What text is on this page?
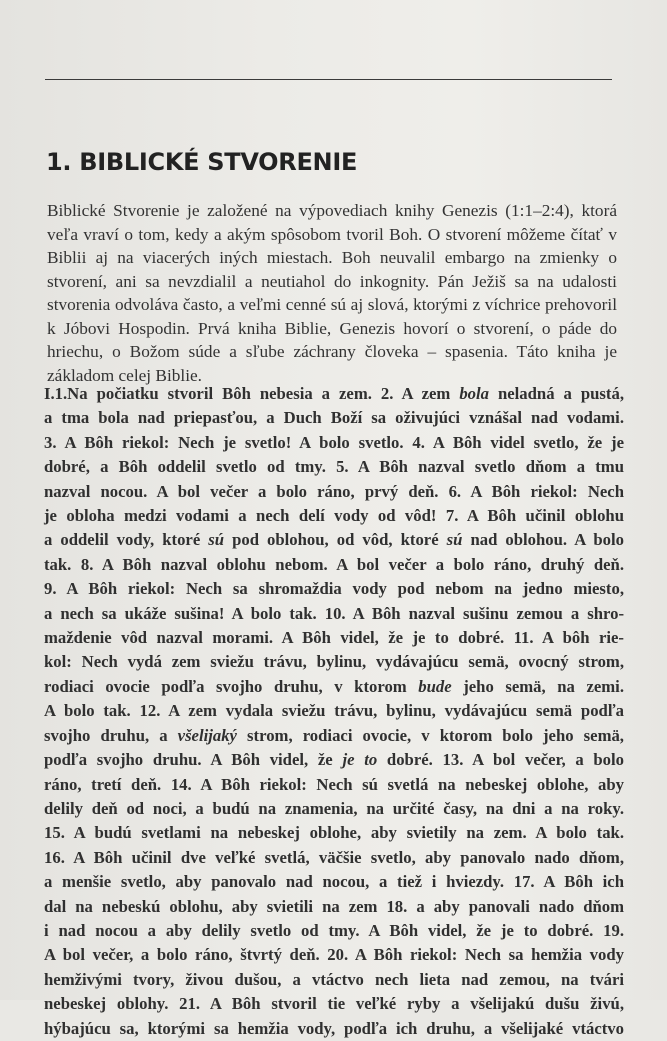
1. BIBLICKÉ STVORENIE
Biblické Stvorenie je založené na výpovediach knihy Genezis (1:1–2:4), ktorá veľa vraví o tom, kedy a akým spôsobom tvoril Boh. O stvorení môžeme čítať v Biblii aj na viacerých iných miestach. Boh neuvalil embargo na zmienky o stvorení, ani sa nevzdialil a neutiahol do inkognity. Pán Ježiš sa na udalosti stvorenia odvoláva často, a veľmi cenné sú aj slová, ktorými z víchrice prehovoril k Jóbovi Hospodin. Prvá kniha Biblie, Genezis hovorí o stvorení, o páde do hriechu, o Božom súde a sľube záchrany človeka – spasenia. Táto kniha je základom celej Biblie.
I.1.Na počiatku stvoril Bôh nebesia a zem. 2. A zem bola neladná a pustá,
a tma bola nad priepasťou, a Duch Boží sa oživujúci vznášal nad vodami.
3. A Bôh riekol: Nech je svetlo! A bolo svetlo. 4. A Bôh videl svetlo, že je
dobré, a Bôh oddelil svetlo od tmy. 5. A Bôh nazval svetlo dňom a tmu
nazval nocou. A bol večer a bolo ráno, prvý deň. 6. A Bôh riekol: Nech
je obloha medzi vodami a nech delí vody od vôd! 7. A Bôh učinil oblohu
a oddelil vody, ktoré sú pod oblohou, od vôd, ktoré sú nad oblohou. A bolo
tak. 8. A Bôh nazval oblohu nebom. A bol večer a bolo ráno, druhý deň.
9. A Bôh riekol: Nech sa shromaždia vody pod nebom na jedno miesto,
a nech sa ukáže sušina! A bolo tak. 10. A Bôh nazval sušinu zemou a shro-
maždenie vôd nazval morami. A Bôh videl, že je to dobré. 11. A bôh rie-
kol: Nech vydá zem sviežu trávu, bylinu, vydávajúcu semä, ovocný strom,
rodiaci ovocie podľa svojho druhu, v ktorom bude jeho semä, na zemi.
A bolo tak. 12. A zem vydala sviežu trávu, bylinu, vydávajúcu semä podľa
svojho druhu, a všelijaký strom, rodiaci ovocie, v ktorom bolo jeho semä,
podľa svojho druhu. A Bôh videl, že je to dobré. 13. A bol večer, a bolo
ráno, tretí deň. 14. A Bôh riekol: Nech sú svetlá na nebeskej oblohe, aby
delily deň od noci, a budú na znamenia, na určité časy, na dni a na roky.
15. A budú svetlami na nebeskej oblohe, aby svietily na zem. A bolo tak.
16. A Bôh učinil dve veľké svetlá, väčšie svetlo, aby panovalo nado dňom,
a menšie svetlo, aby panovalo nad nocou, a tiež i hviezdy. 17. A Bôh ich
dal na nebeskú oblohu, aby svietili na zem 18. a aby panovali nado dňom
i nad nocou a aby delily svetlo od tmy. A Bôh videl, že je to dobré. 19.
A bol večer, a bolo ráno, štvrtý deň. 20. A Bôh riekol: Nech sa hemžia vody
hemživými tvory, živou dušou, a vtáctvo nech lieta nad zemou, na tvári
nebeskej oblohy. 21. A Bôh stvoril tie veľké ryby a všelijakú dušu živú,
hýbajúcu sa, ktorými sa hemžia vody, podľa ich druhu, a všelijaké vtáctvo
